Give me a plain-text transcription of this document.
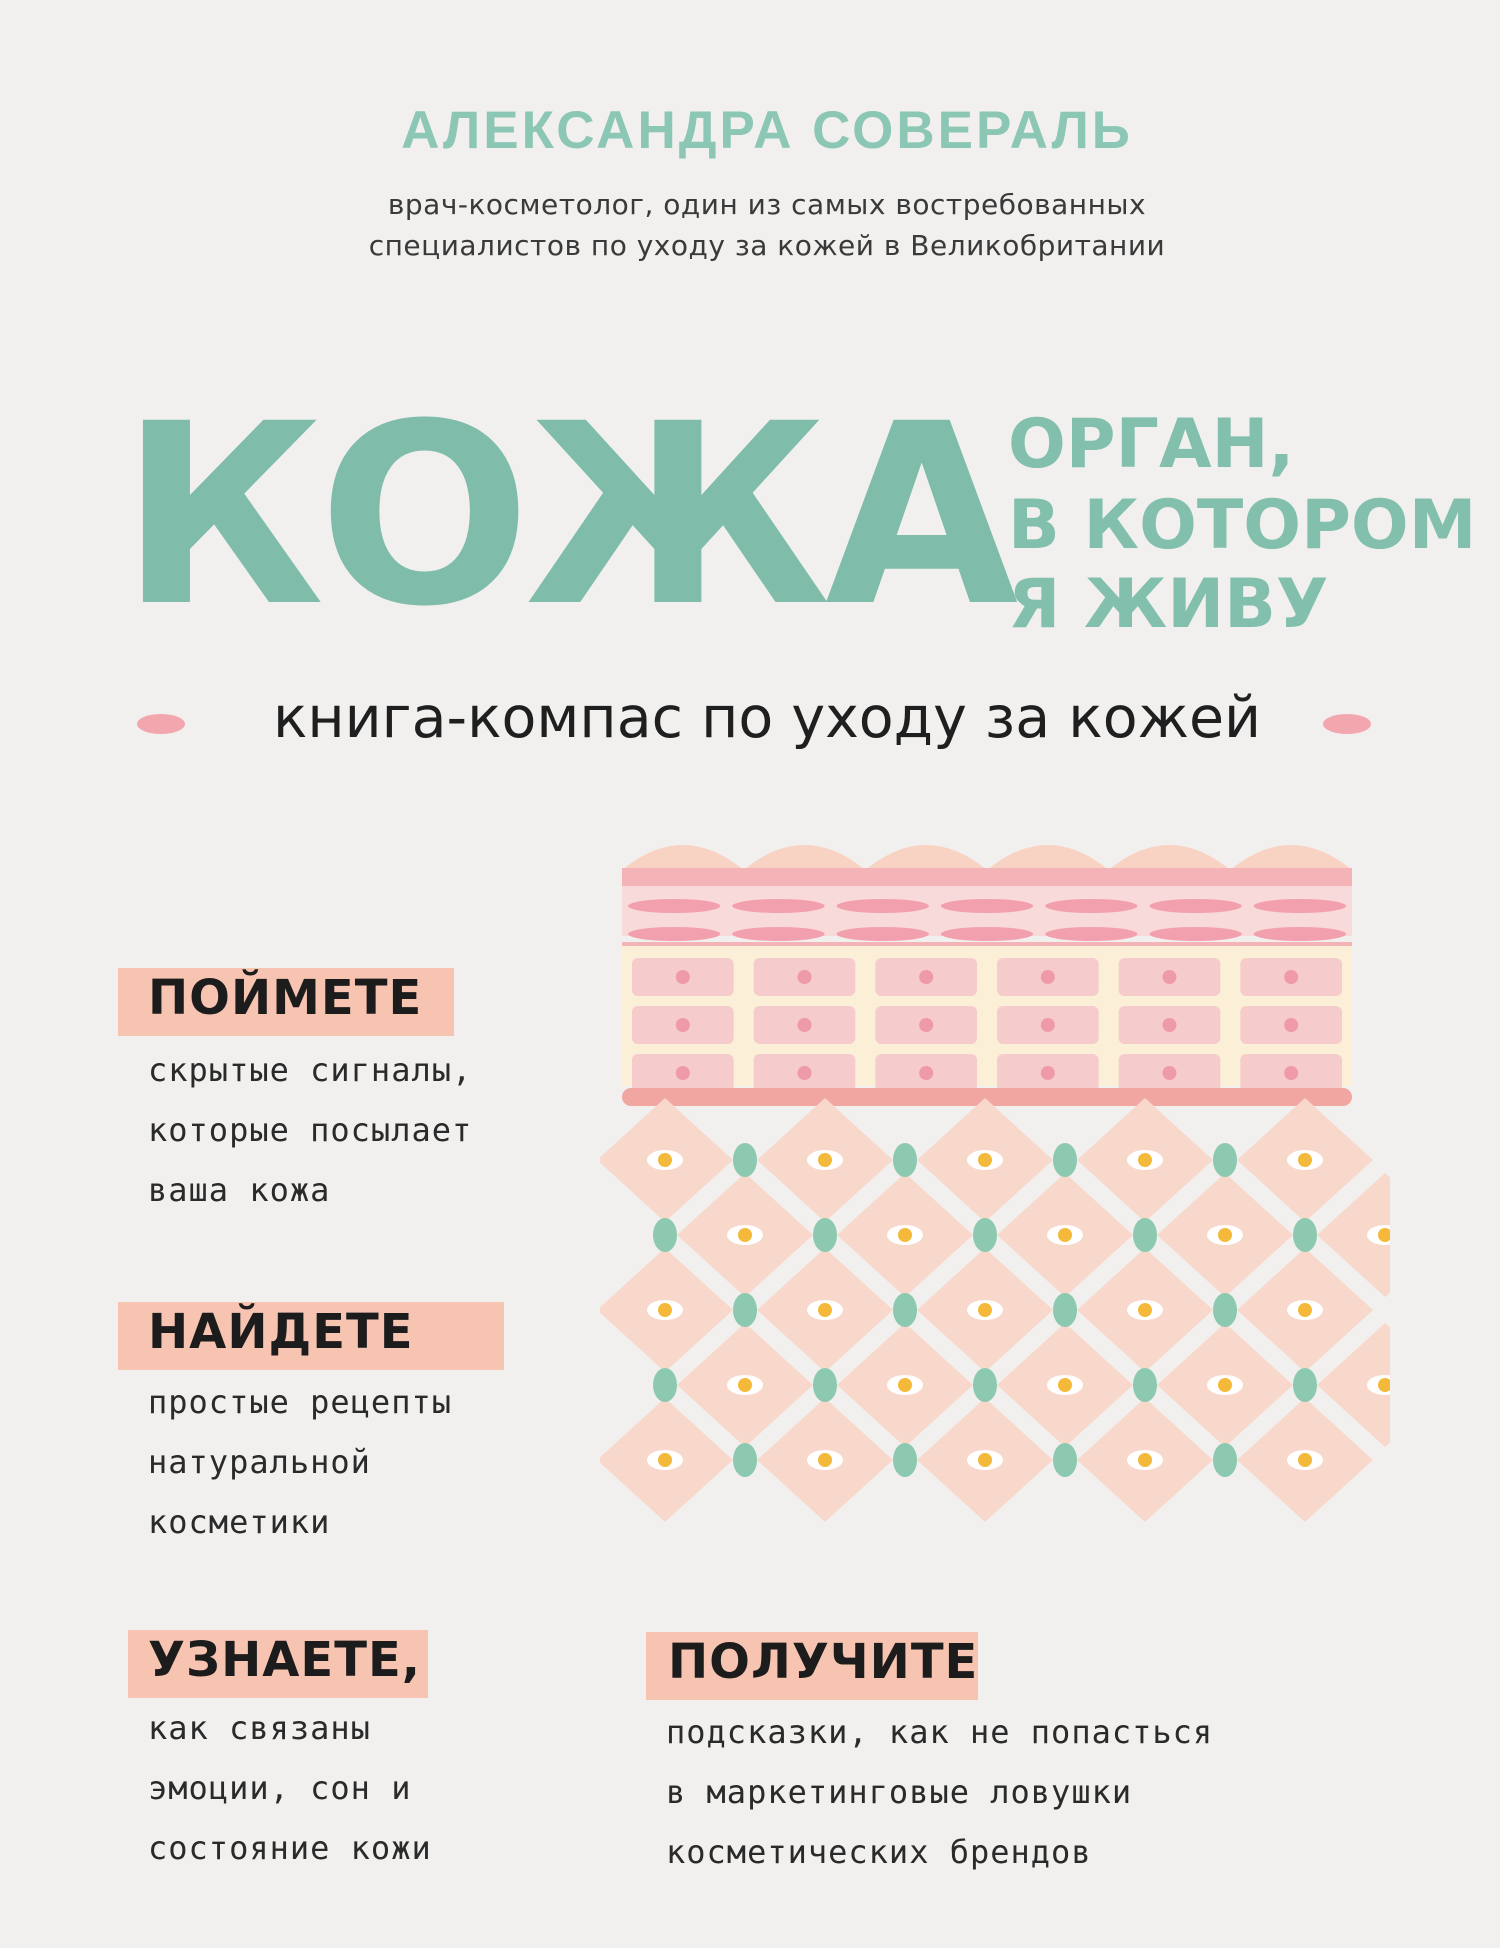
АЛЕКСАНДРА СОВЕРАЛЬ
врач-косметолог, один из самых востребованных
специалистов по уходу за кожей в Великобритании
КОЖА
ОРГАН,
В КОТОРОМ
Я ЖИВУ
книга-компас по уходу за кожей
ПОЙМЕТЕ
скрытые сигналы,
которые посылает
ваша кожа
НАЙДЕТЕ
простые рецепты
натуральной
косметики
УЗНАЕТЕ,
как связаны
эмоции, сон и
состояние кожи
ПОЛУЧИТЕ
подсказки, как не попасться
в маркетинговые ловушки
косметических брендов
